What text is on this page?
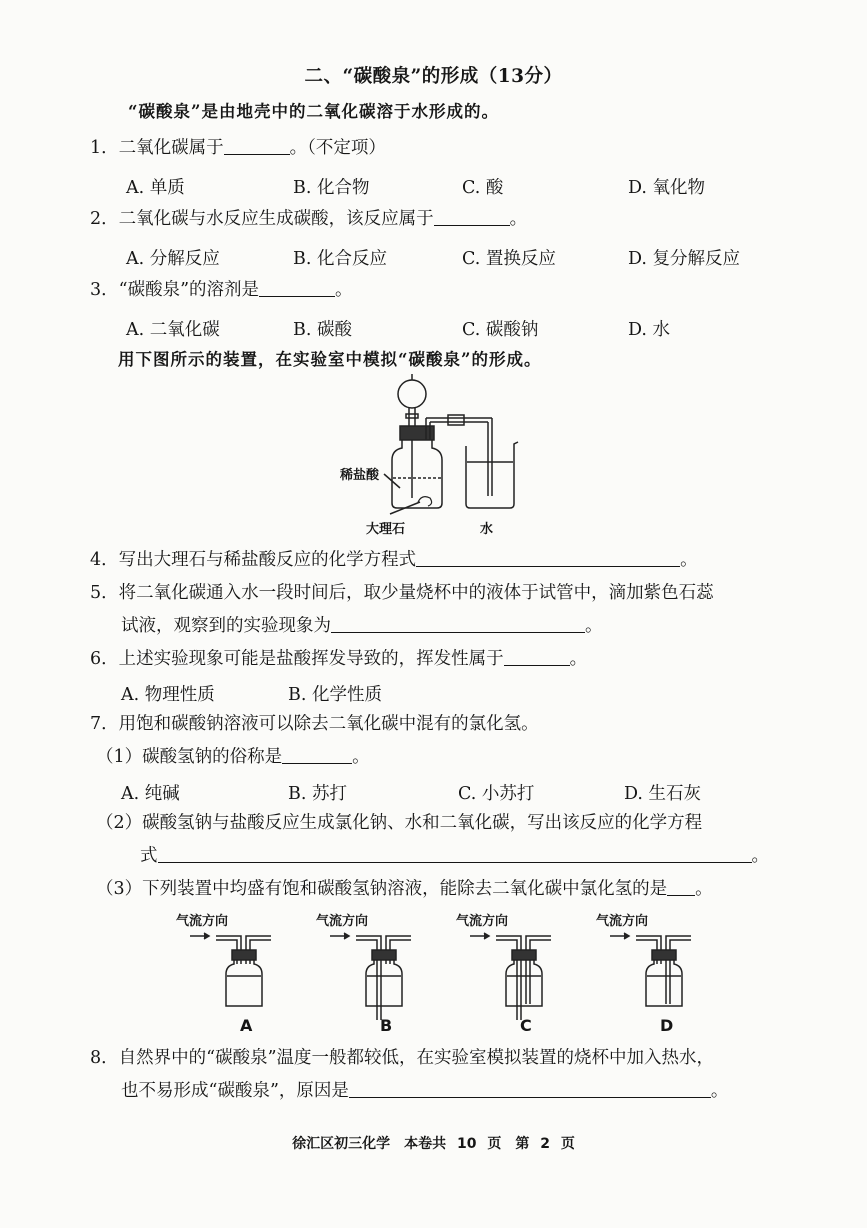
二、“碳酸泉”的形成（13分）
“碳酸泉”是由地壳中的二氧化碳溶于水形成的。
1．二氧化碳属于	。（不定项）
A. 单质	B. 化合物	C. 酸	D. 氧化物
2．二氧化碳与水反应生成碳酸，该反应属于	。
A. 分解反应	B. 化合反应	C. 置换反应	D. 复分解反应
3．“碳酸泉”的溶剂是	。
A. 二氧化碳	B. 碳酸	C. 碳酸钠	D. 水
用下图所示的装置，在实验室中模拟“碳酸泉”的形成。
稀盐酸
大理石	水
4．写出大理石与稀盐酸反应的化学方程式	。
5．将二氧化碳通入水一段时间后，取少量烧杯中的液体于试管中，滴加紫色石蕊
试液，观察到的实验现象为	。
6．上述实验现象可能是盐酸挥发导致的，挥发性属于	。
A. 物理性质	B. 化学性质
7．用饱和碳酸钠溶液可以除去二氧化碳中混有的氯化氢。
（1）碳酸氢钠的俗称是	。
A. 纯碱	B. 苏打	C. 小苏打	D. 生石灰
（2）碳酸氢钠与盐酸反应生成氯化钠、水和二氧化碳，写出该反应的化学方程
式	。
（3）下列装置中均盛有饱和碳酸氢钠溶液，能除去二氧化碳中氯化氢的是 。
气流方向
A
气流方向
B
气流方向
C
气流方向
D
8．自然界中的“碳酸泉”温度一般都较低，在实验室模拟装置的烧杯中加入热水，
也不易形成“碳酸泉”，原因是	。
徐汇区初三化学　本卷共 10 页　第 2 页
